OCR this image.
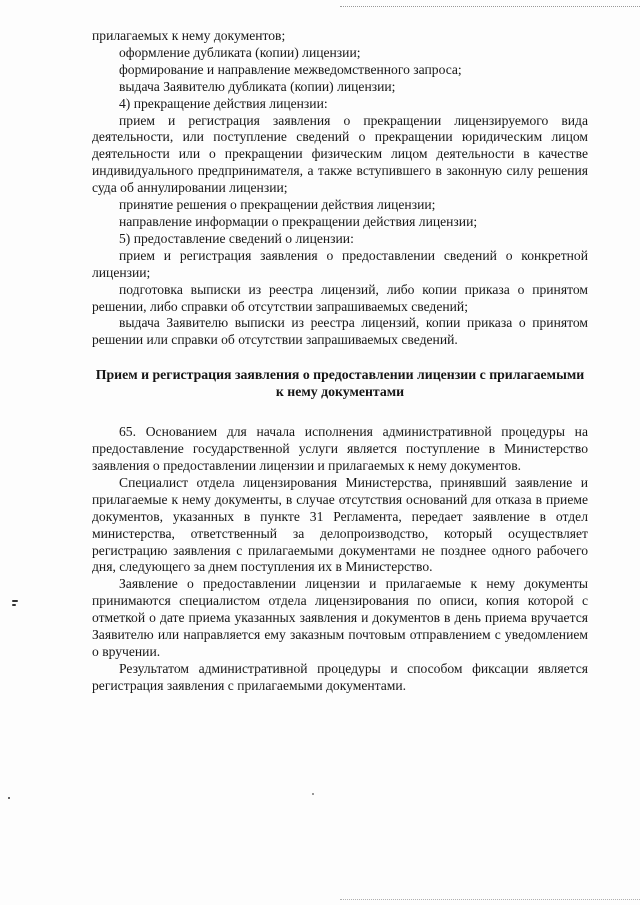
прилагаемых к нему документов;

оформление дубликата (копии) лицензии;

формирование и направление межведомственного запроса;

выдача Заявителю дубликата (копии) лицензии;

4) прекращение действия лицензии:

прием и регистрация заявления о прекращении лицензируемого вида деятельности, или поступление сведений о прекращении юридическим лицом деятельности или о прекращении физическим лицом деятельности в качестве индивидуального предпринимателя, а также вступившего в законную силу решения суда об аннулировании лицензии;

принятие решения о прекращении действия лицензии;

направление информации о прекращении действия лицензии;

5) предоставление сведений о лицензии:

прием и регистрация заявления о предоставлении сведений о конкретной лицензии;

подготовка выписки из реестра лицензий, либо копии приказа о принятом решении, либо справки об отсутствии запрашиваемых сведений;

выдача Заявителю выписки из реестра лицензий, копии приказа о принятом решении или справки об отсутствии запрашиваемых сведений.

Прием и регистрация заявления о предоставлении лицензии с прилагаемыми к нему документами

65. Основанием для начала исполнения административной процедуры на предоставление государственной услуги является поступление в Министерство заявления о предоставлении лицензии и прилагаемых к нему документов.

Специалист отдела лицензирования Министерства, принявший заявление и прилагаемые к нему документы, в случае отсутствия оснований для отказа в приеме документов, указанных в пункте 31 Регламента, передает заявление в отдел министерства, ответственный за делопроизводство, который осуществляет регистрацию заявления с прилагаемыми документами не позднее одного рабочего дня, следующего за днем поступления их в Министерство.

Заявление о предоставлении лицензии и прилагаемые к нему документы принимаются специалистом отдела лицензирования по описи, копия которой с отметкой о дате приема указанных заявления и документов в день приема вручается Заявителю или направляется ему заказным почтовым отправлением с уведомлением о вручении.

Результатом административной процедуры и способом фиксации является регистрация заявления с прилагаемыми документами.
